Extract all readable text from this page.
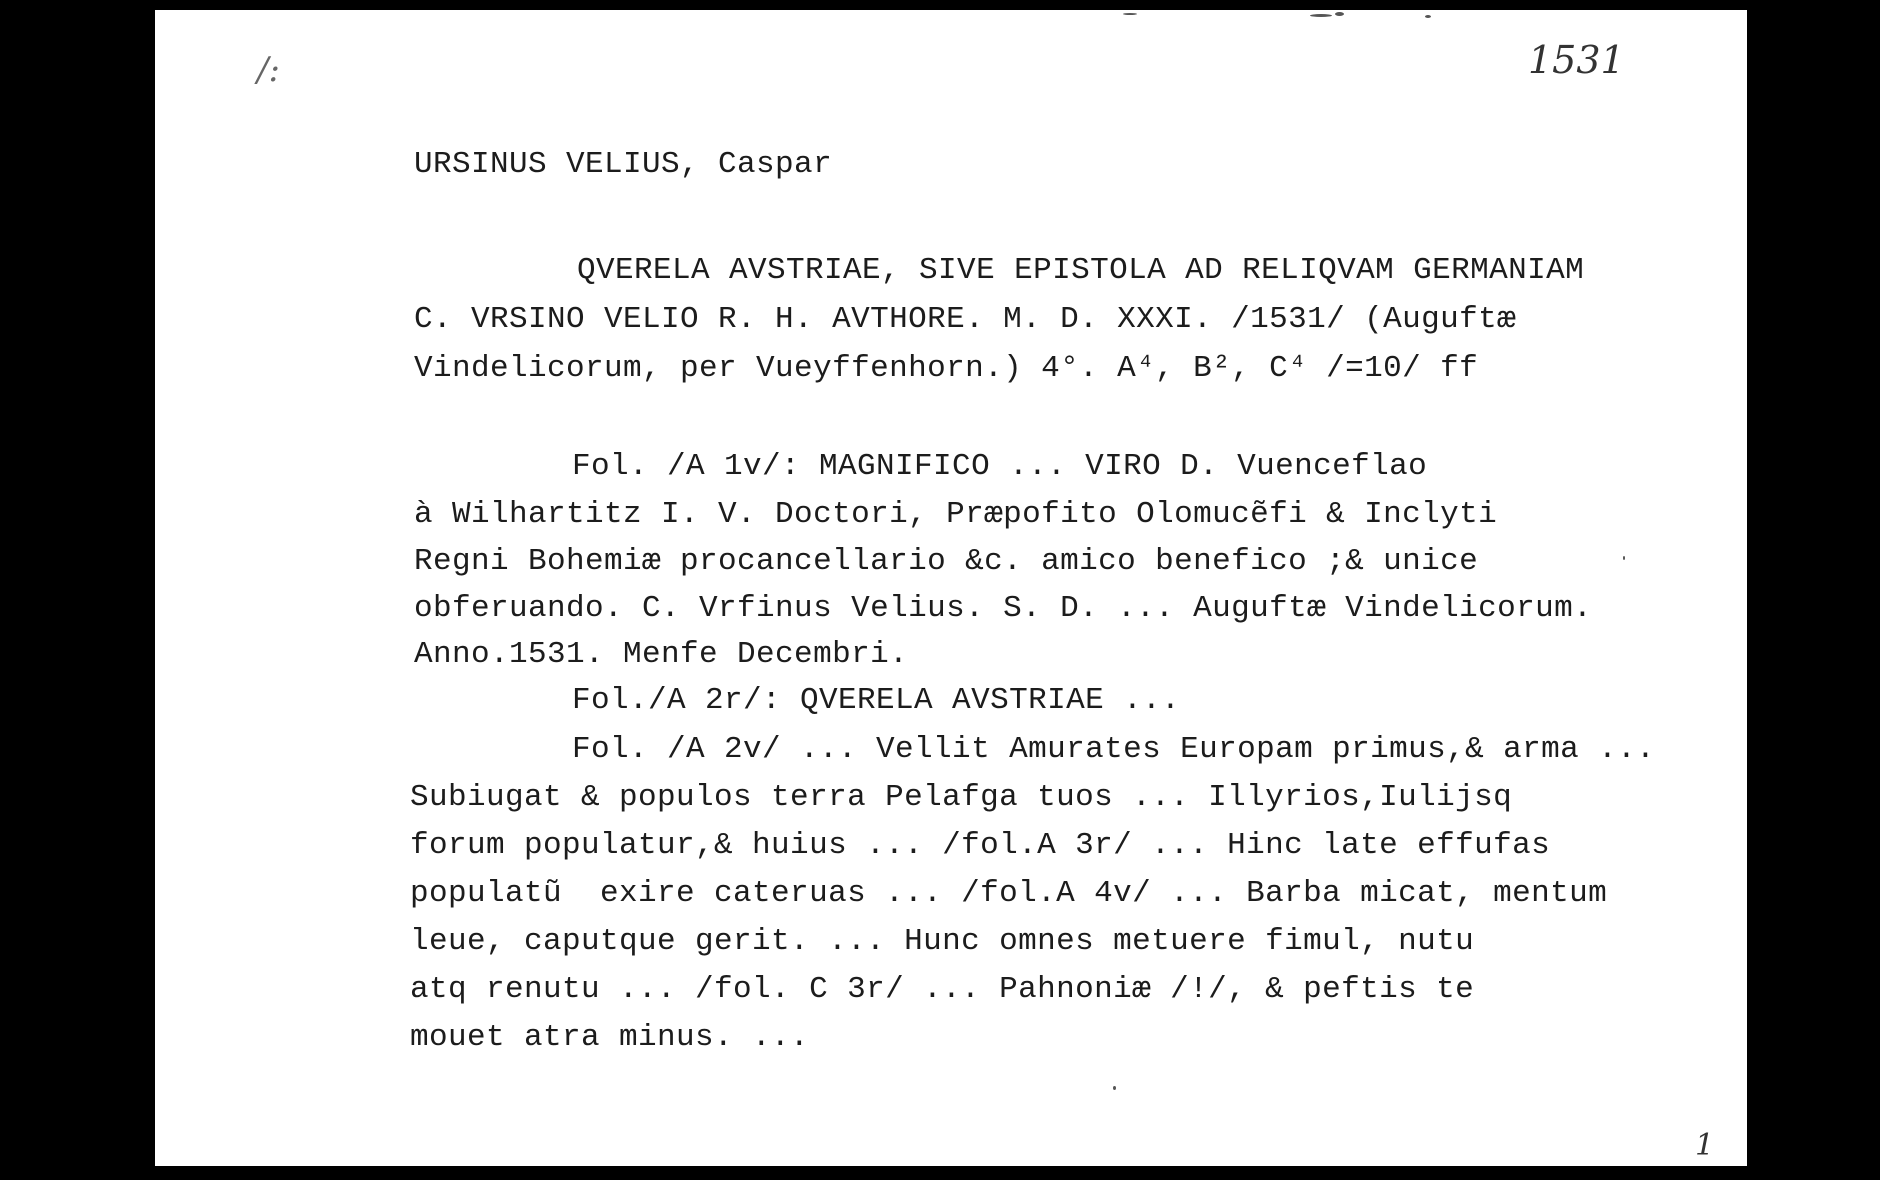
/:	1531
URSINUS VELIUS, Caspar
QVERELA AVSTRIAE, SIVE EPISTOLA AD RELIQVAM GERMANIAM
C. VRSINO VELIO R. H. AVTHORE. M. D. XXXI. /1531/ (Auguftæ
Vindelicorum, per Vueyffenhorn.) 4°. A⁴, B², C⁴ /=10/ ff
Fol. /A 1v/: MAGNIFICO ... VIRO D. Vuenceflao
à Wilhartitz I. V. Doctori, Præpofito Olomucẽfi & Inclyti
Regni Bohemiæ procancellario &c. amico benefico ;& unice
obferuando. C. Vrfinus Velius. S. D. ... Auguftæ Vindelicorum.
Anno.1531. Menfe Decembri.
Fol./A 2r/: QVERELA AVSTRIAE ...
Fol. /A 2v/ ... Vellit Amurates Europam primus,& arma ...
Subiugat & populos terra Pelafga tuos ... Illyrios,Iulijsq
forum populatur,& huius ... /fol.A 3r/ ... Hinc late effufas
populatũ  exire cateruas ... /fol.A 4v/ ... Barba micat, mentum
leue, caputque gerit. ... Hunc omnes metuere fimul, nutu
atq renutu ... /fol. C 3r/ ... Pahnoniæ /!/, & peftis te
mouet atra minus. ...
1
